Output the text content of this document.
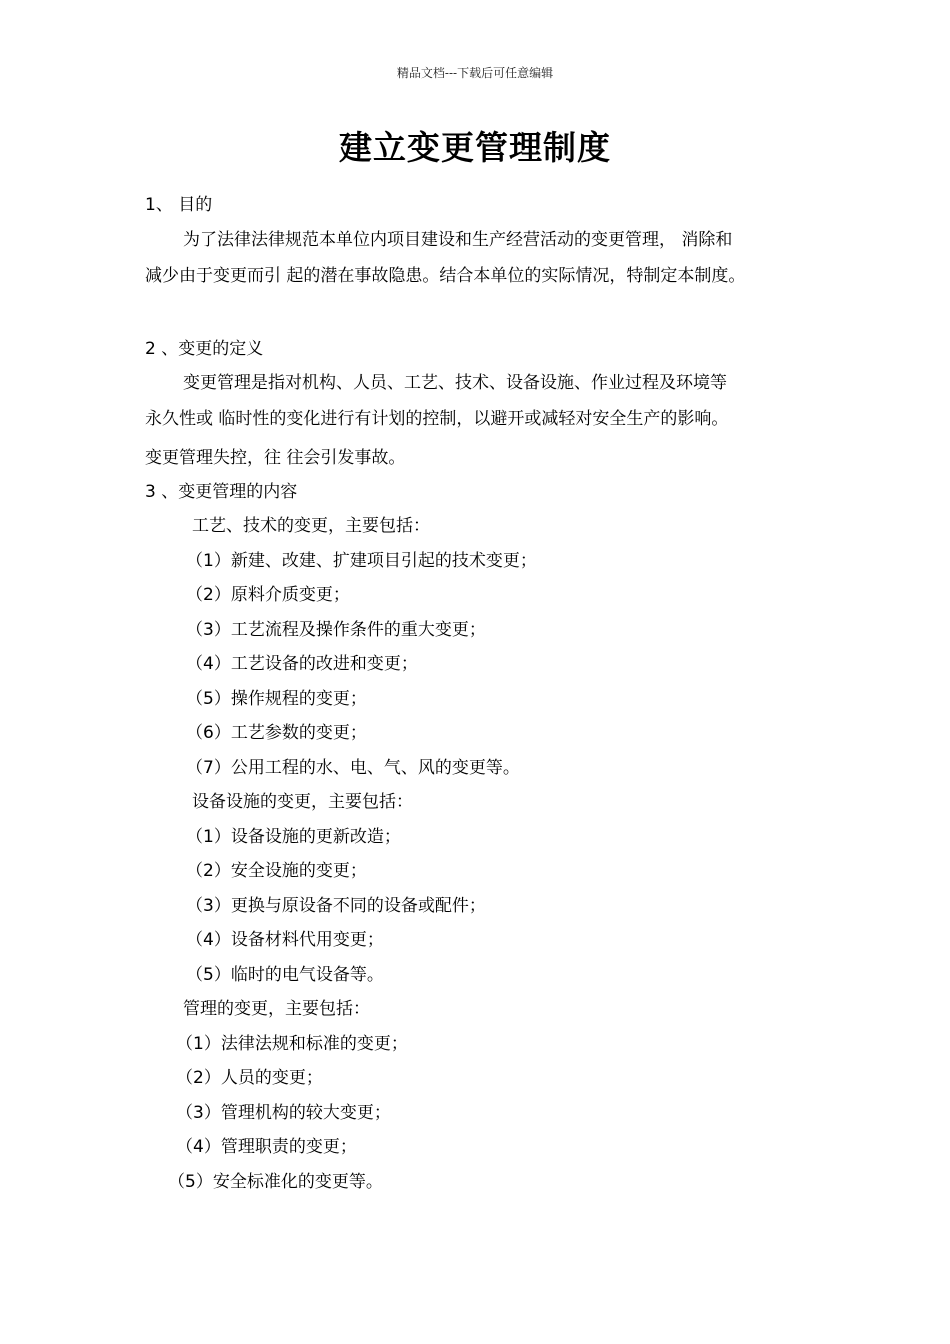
精品文档---下载后可任意编辑
建立变更管理制度
1、 目的
为了法律法律规范本单位内项目建设和生产经营活动的变更管理， 消除和
减少由于变更而引 起的潜在事故隐患。结合本单位的实际情况，特制定本制度。
2 、变更的定义
变更管理是指对机构、人员、工艺、技术、设备设施、作业过程及环境等
永久性或 临时性的变化进行有计划的控制，以避开或减轻对安全生产的影响。
变更管理失控，往 往会引发事故。
3 、变更管理的内容
工艺、技术的变更，主要包括：
（1）新建、改建、扩建项目引起的技术变更；
（2）原料介质变更；
（3）工艺流程及操作条件的重大变更；
（4）工艺设备的改进和变更；
（5）操作规程的变更；
（6）工艺参数的变更；
（7）公用工程的水、电、气、风的变更等。
设备设施的变更，主要包括：
（1）设备设施的更新改造；
（2）安全设施的变更；
（3）更换与原设备不同的设备或配件；
（4）设备材料代用变更；
（5）临时的电气设备等。
管理的变更，主要包括：
（1）法律法规和标准的变更；
（2）人员的变更；
（3）管理机构的较大变更；
（4）管理职责的变更；
（5）安全标准化的变更等。
